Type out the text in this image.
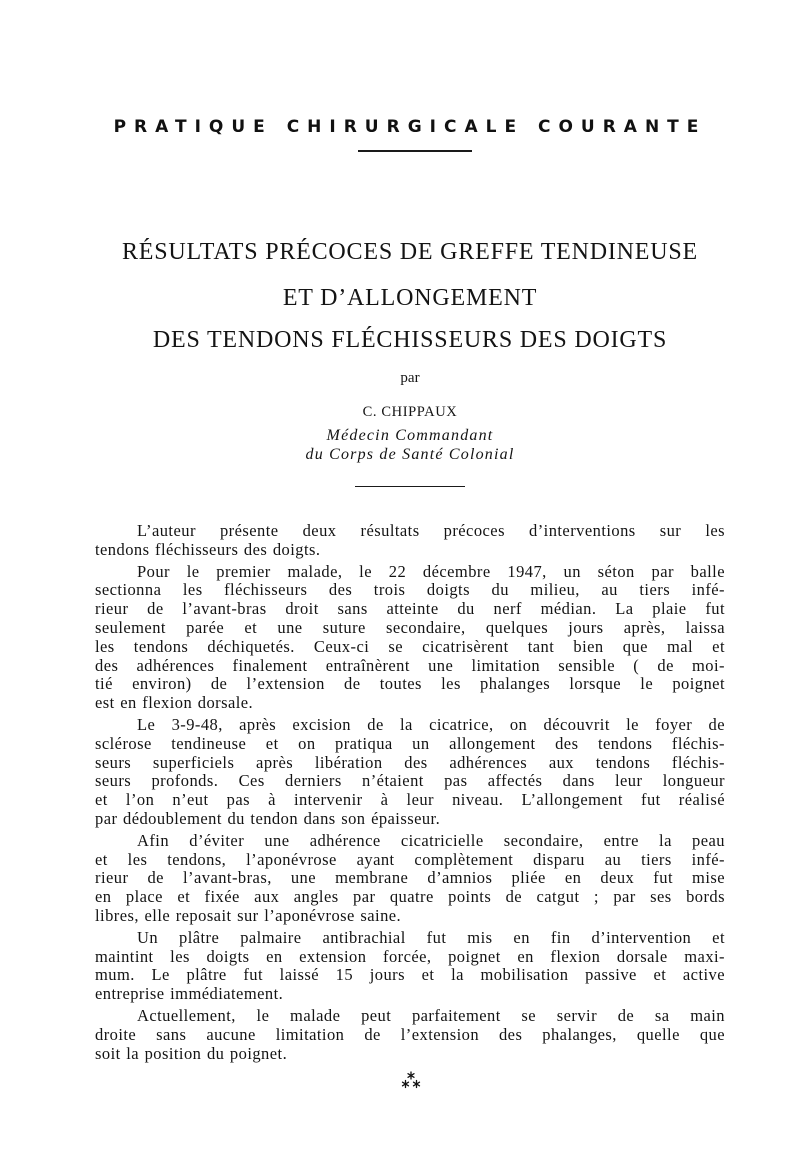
PRATIQUE CHIRURGICALE COURANTE
RÉSULTATS PRÉCOCES DE GREFFE TENDINEUSE
ET D’ALLONGEMENT
DES TENDONS FLÉCHISSEURS DES DOIGTS
par
C. CHIPPAUX
Médecin Commandant
du Corps de Santé Colonial
L’auteur présente deux résultats précoces d’interventions sur les
tendons fléchisseurs des doigts.
Pour le premier malade, le 22 décembre 1947, un séton par balle
sectionna les fléchisseurs des trois doigts du milieu, au tiers infé-
rieur de l’avant-bras droit sans atteinte du nerf médian. La plaie fut
seulement parée et une suture secondaire, quelques jours après, laissa
les tendons déchiquetés. Ceux-ci se cicatrisèrent tant bien que mal et
des adhérences finalement entraînèrent une limitation sensible ( de moi-
tié environ) de l’extension de toutes les phalanges lorsque le poignet
est en flexion dorsale.
Le 3-9-48, après excision de la cicatrice, on découvrit le foyer de
sclérose tendineuse et on pratiqua un allongement des tendons fléchis-
seurs superficiels après libération des adhérences aux tendons fléchis-
seurs profonds. Ces derniers n’étaient pas affectés dans leur longueur
et l’on n’eut pas à intervenir à leur niveau. L’allongement fut réalisé
par dédoublement du tendon dans son épaisseur.
Afin d’éviter une adhérence cicatricielle secondaire, entre la peau
et les tendons, l’aponévrose ayant complètement disparu au tiers infé-
rieur de l’avant-bras, une membrane d’amnios pliée en deux fut mise
en place et fixée aux angles par quatre points de catgut ; par ses bords
libres, elle reposait sur l’aponévrose saine.
Un plâtre palmaire antibrachial fut mis en fin d’intervention et
maintint les doigts en extension forcée, poignet en flexion dorsale maxi-
mum. Le plâtre fut laissé 15 jours et la mobilisation passive et active
entreprise immédiatement.
Actuellement, le malade peut parfaitement se servir de sa main
droite sans aucune limitation de l’extension des phalanges, quelle que
soit la position du poignet.
